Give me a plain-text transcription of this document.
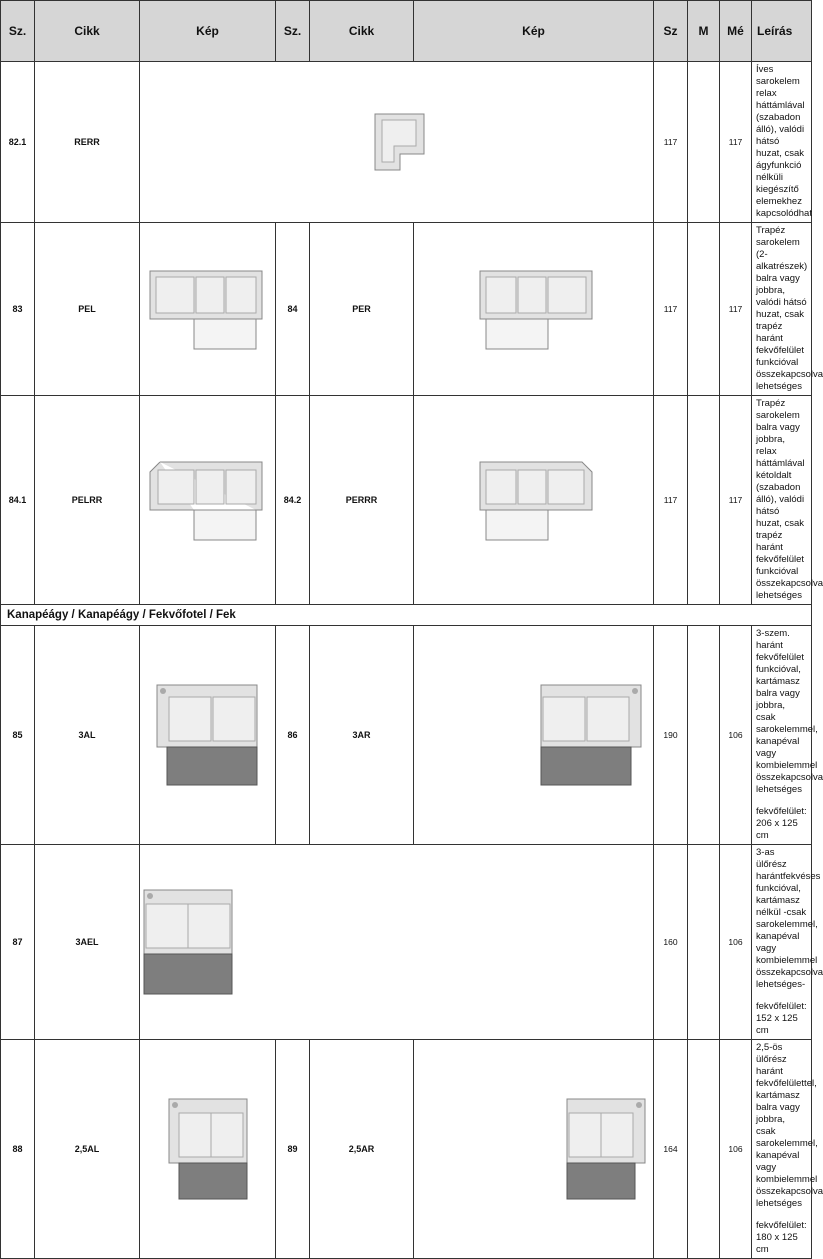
Sz.	Cikk	Kép	Sz.	Cikk	Kép	Sz	M	Mé	Leírás
82.1	RERR					117		117	Íves sarokelem relax háttámlával (szabadon álló), valódi hátsó huzat, csak ágyfunkció nélküli kiegészítő elemekhez kapcsolódhat

83	PEL		84	PER		117		117	Trapéz sarokelem (2-alkatrészek) balra vagy jobbra, valódi hátsó huzat, csak trapéz haránt fekvőfelület funkcióval összekapcsolva lehetséges

84.1	PELRR		84.2	PERRR		117		117	Trapéz sarokelem balra vagy jobbra, relax háttámlával kétoldalt (szabadon álló), valódi hátsó huzat, csak trapéz haránt fekvőfelület funkcióval összekapcsolva lehetséges

Kanapéágy / Kanapéágy / Fekvőfotel / Fek									
85	3AL		86	3AR		190		106	3-szem. haránt fekvőfelület funkcióval, kartámasz balra vagy jobbra, csak sarokelemmel, kanapéval vagy kombielemmel összekapcsolva lehetséges
fekvőfelület: 206 x 125 cm

87	3AEL					160		106	3-as ülőrész harántfekvéses funkcióval, kartámasz nélkül -csak sarokelemmel, kanapéval vagy kombielemmel összekapcsolva lehetséges-
fekvőfelület: 152 x 125 cm

88	2,5AL		89	2,5AR		164		106	2,5-ös ülőrész haránt fekvőfelülettel, kartámasz balra vagy jobbra, csak sarokelemmel, kanapéval vagy kombielemmel összekapcsolva lehetséges
fekvőfelület: 180 x 125 cm
